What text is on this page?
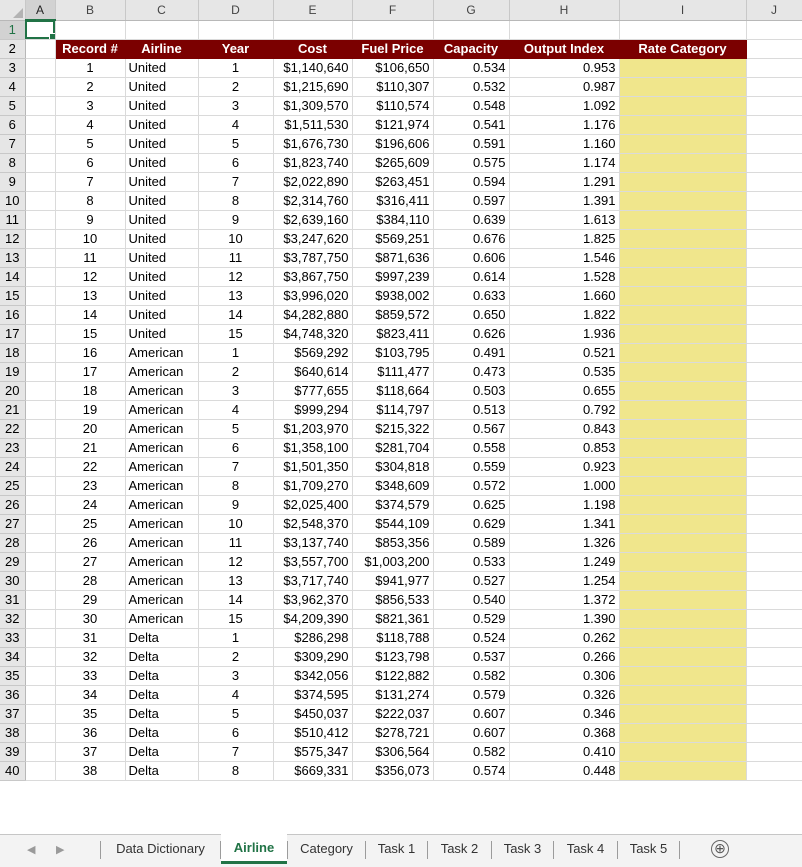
	A	B	C	D	E	F	G	H	I	J
1	

2		Record #	Airline	Year	Cost	Fuel Price	Capacity	Output Index	Rate Category	
3		1	United	1	$1,140,640	$106,650	0.534	0.953		
4		2	United	2	$1,215,690	$110,307	0.532	0.987		
5		3	United	3	$1,309,570	$110,574	0.548	1.092		
6		4	United	4	$1,511,530	$121,974	0.541	1.176		
7		5	United	5	$1,676,730	$196,606	0.591	1.160		
8		6	United	6	$1,823,740	$265,609	0.575	1.174		
9		7	United	7	$2,022,890	$263,451	0.594	1.291		
10		8	United	8	$2,314,760	$316,411	0.597	1.391		
11		9	United	9	$2,639,160	$384,110	0.639	1.613		
12		10	United	10	$3,247,620	$569,251	0.676	1.825		
13		11	United	11	$3,787,750	$871,636	0.606	1.546		
14		12	United	12	$3,867,750	$997,239	0.614	1.528		
15		13	United	13	$3,996,020	$938,002	0.633	1.660		
16		14	United	14	$4,282,880	$859,572	0.650	1.822		
17		15	United	15	$4,748,320	$823,411	0.626	1.936		
18		16	American	1	$569,292	$103,795	0.491	0.521		
19		17	American	2	$640,614	$111,477	0.473	0.535		
20		18	American	3	$777,655	$118,664	0.503	0.655		
21		19	American	4	$999,294	$114,797	0.513	0.792		
22		20	American	5	$1,203,970	$215,322	0.567	0.843		
23		21	American	6	$1,358,100	$281,704	0.558	0.853		
24		22	American	7	$1,501,350	$304,818	0.559	0.923		
25		23	American	8	$1,709,270	$348,609	0.572	1.000		
26		24	American	9	$2,025,400	$374,579	0.625	1.198		
27		25	American	10	$2,548,370	$544,109	0.629	1.341		
28		26	American	11	$3,137,740	$853,356	0.589	1.326		
29		27	American	12	$3,557,700	$1,003,200	0.533	1.249		
30		28	American	13	$3,717,740	$941,977	0.527	1.254		
31		29	American	14	$3,962,370	$856,533	0.540	1.372		
32		30	American	15	$4,209,390	$821,361	0.529	1.390		
33		31	Delta	1	$286,298	$118,788	0.524	0.262		
34		32	Delta	2	$309,290	$123,798	0.537	0.266		
35		33	Delta	3	$342,056	$122,882	0.582	0.306		
36		34	Delta	4	$374,595	$131,274	0.579	0.326		
37		35	Delta	5	$450,037	$222,037	0.607	0.346		
38		36	Delta	6	$510,412	$278,721	0.607	0.368		
39		37	Delta	7	$575,347	$306,564	0.582	0.410		
40		38	Delta	8	$669,331	$356,073	0.574	0.448		
◀ ▶	Data Dictionary	Airline	Category	Task 1	Task 2	Task 3	Task 4	Task 5	⊕
